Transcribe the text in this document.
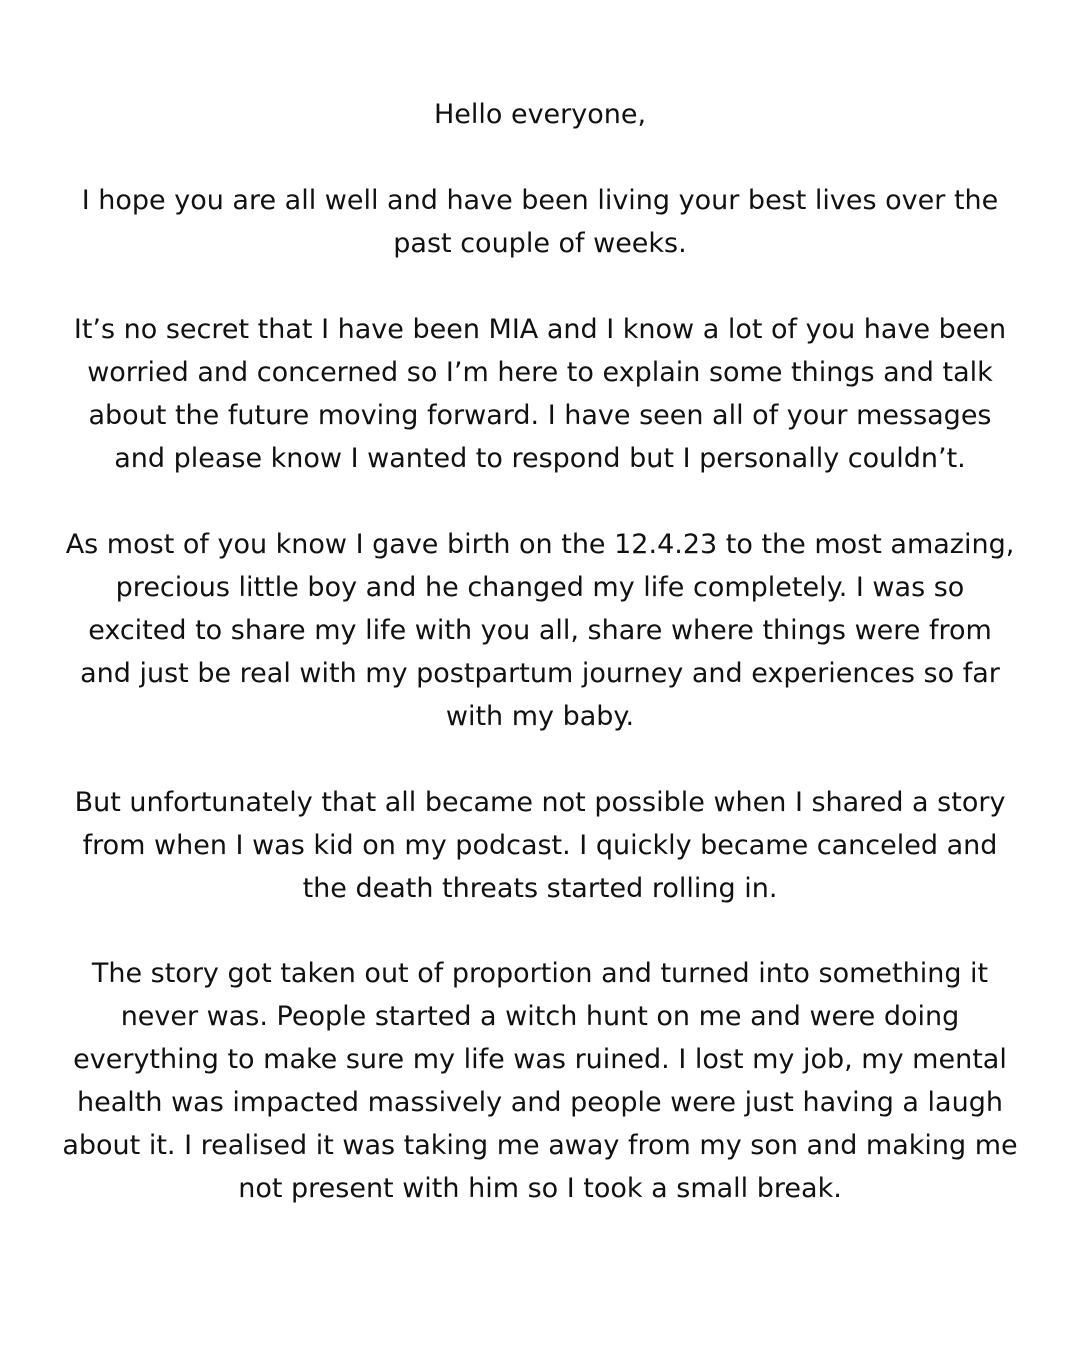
Hello everyone,

I hope you are all well and have been living your best lives over the
past couple of weeks.

It’s no secret that I have been MIA and I know a lot of you have been
worried and concerned so I’m here to explain some things and talk
about the future moving forward. I have seen all of your messages
and please know I wanted to respond but I personally couldn’t.

As most of you know I gave birth on the 12.4.23 to the most amazing,
precious little boy and he changed my life completely. I was so
excited to share my life with you all, share where things were from
and just be real with my postpartum journey and experiences so far
with my baby.

But unfortunately that all became not possible when I shared a story
from when I was kid on my podcast. I quickly became canceled and
the death threats started rolling in.

The story got taken out of proportion and turned into something it
never was. People started a witch hunt on me and were doing
everything to make sure my life was ruined. I lost my job, my mental
health was impacted massively and people were just having a laugh
about it. I realised it was taking me away from my son and making me
not present with him so I took a small break.
